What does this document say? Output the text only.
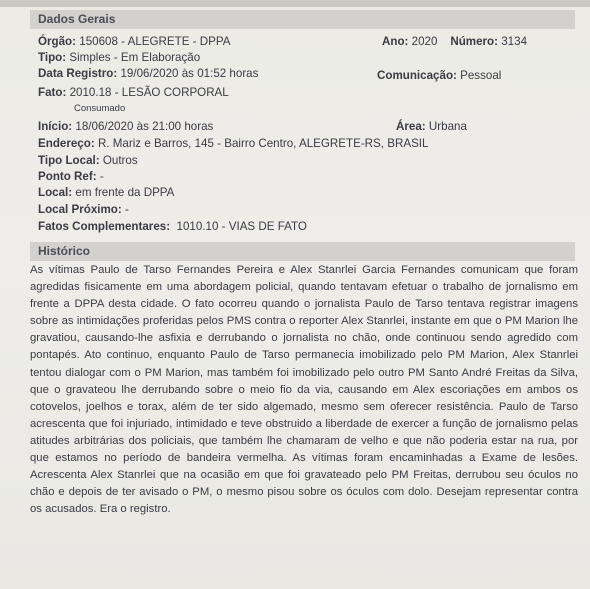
Dados Gerais
Órgão: 150608 - ALEGRETE - DPPA	Ano: 2020 Número: 3134
Tipo: Simples - Em Elaboração
Data Registro: 19/06/2020 às 01:52 horas	Comunicação: Pessoal
Fato: 2010.18 - LESÃO CORPORAL
Consumado
Início: 18/06/2020 às 21:00 horas	Área: Urbana
Endereço: R. Mariz e Barros, 145 - Bairro Centro, ALEGRETE-RS, BRASIL
Tipo Local: Outros
Ponto Ref: -
Local: em frente da DPPA
Local Próximo: -
Fatos Complementares: 1010.10 - VIAS DE FATO
Histórico

As vítimas Paulo de Tarso Fernandes Pereira e Alex Stanrlei Garcia Fernandes comunicam que foram agredidas fisicamente em uma abordagem policial, quando tentavam efetuar o trabalho de jornalismo em frente a DPPA desta cidade. O fato ocorreu quando o jornalista Paulo de Tarso tentava registrar imagens sobre as intimidações proferidas pelos PMS contra o reporter Alex Stanrlei, instante em que o PM Marion lhe gravatiou, causando-lhe asfixia e derrubando o jornalista no chão, onde continuou sendo agredido com pontapés. Ato continuo, enquanto Paulo de Tarso permanecia imobilizado pelo PM Marion, Alex Stanrlei tentou dialogar com o PM Marion, mas também foi imobilizado pelo outro PM Santo André Freitas da Silva, que o gravateou lhe derrubando sobre o meio fio da via, causando em Alex escoriações em ambos os cotovelos, joelhos e torax, além de ter sido algemado, mesmo sem oferecer resistência. Paulo de Tarso acrescenta que foi injuriado, intimidado e teve obstruido a liberdade de exercer a função de jornalismo pelas atitudes arbitrárias dos policiais, que também lhe chamaram de velho e que não poderia estar na rua, por que estamos no período de bandeira vermelha. As vítimas foram encaminhadas a Exame de lesões. Acrescenta Alex Stanrlei que na ocasião em que foi gravateado pelo PM Freitas, derrubou seu óculos no chão e depois de ter avisado o PM, o mesmo pisou sobre os óculos com dolo. Desejam representar contra os acusados. Era o registro.
